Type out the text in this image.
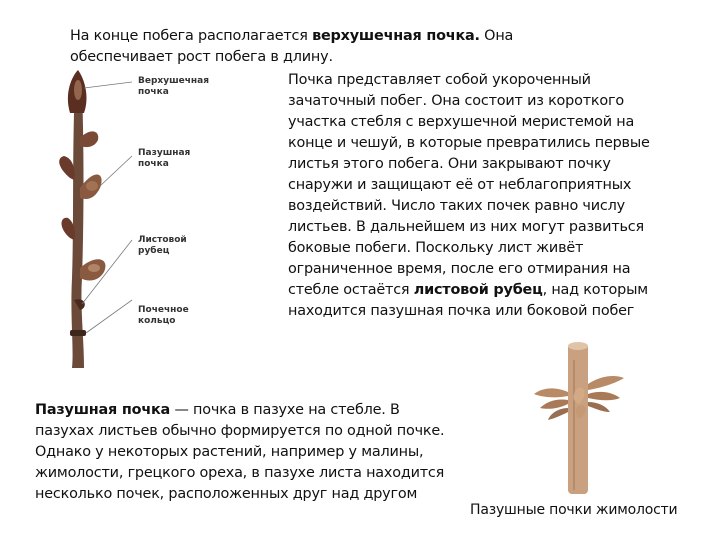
На конце побега располагается верхушечная почка. Она обеспечивает рост побега в длину.
Почка представляет собой укороченный зачаточный побег. Она состоит из короткого участка стебля с верхушечной меристемой на конце и чешуй, в которые превратились первые листья этого побега. Они закрывают почку снаружи и защищают её от неблагоприятных воздействий. Число таких почек равно числу листьев. В дальнейшем из них могут развиться боковые побеги. Поскольку лист живёт ограниченное время, после его отмирания на стебле остаётся листовой рубец, над которым находится пазушная почка или боковой побег
Пазушная почка — почка в пазухе на стебле. В пазухах листьев обычно формируется по одной почке. Однако у некоторых растений, например у малины, жимолости, грецкого ореха, в пазухе листа находится несколько почек, расположенных друг над другом
Верхушечная почка
Пазушная почка
Листовой рубец
Почечное кольцо
Пазушные почки жимолости
